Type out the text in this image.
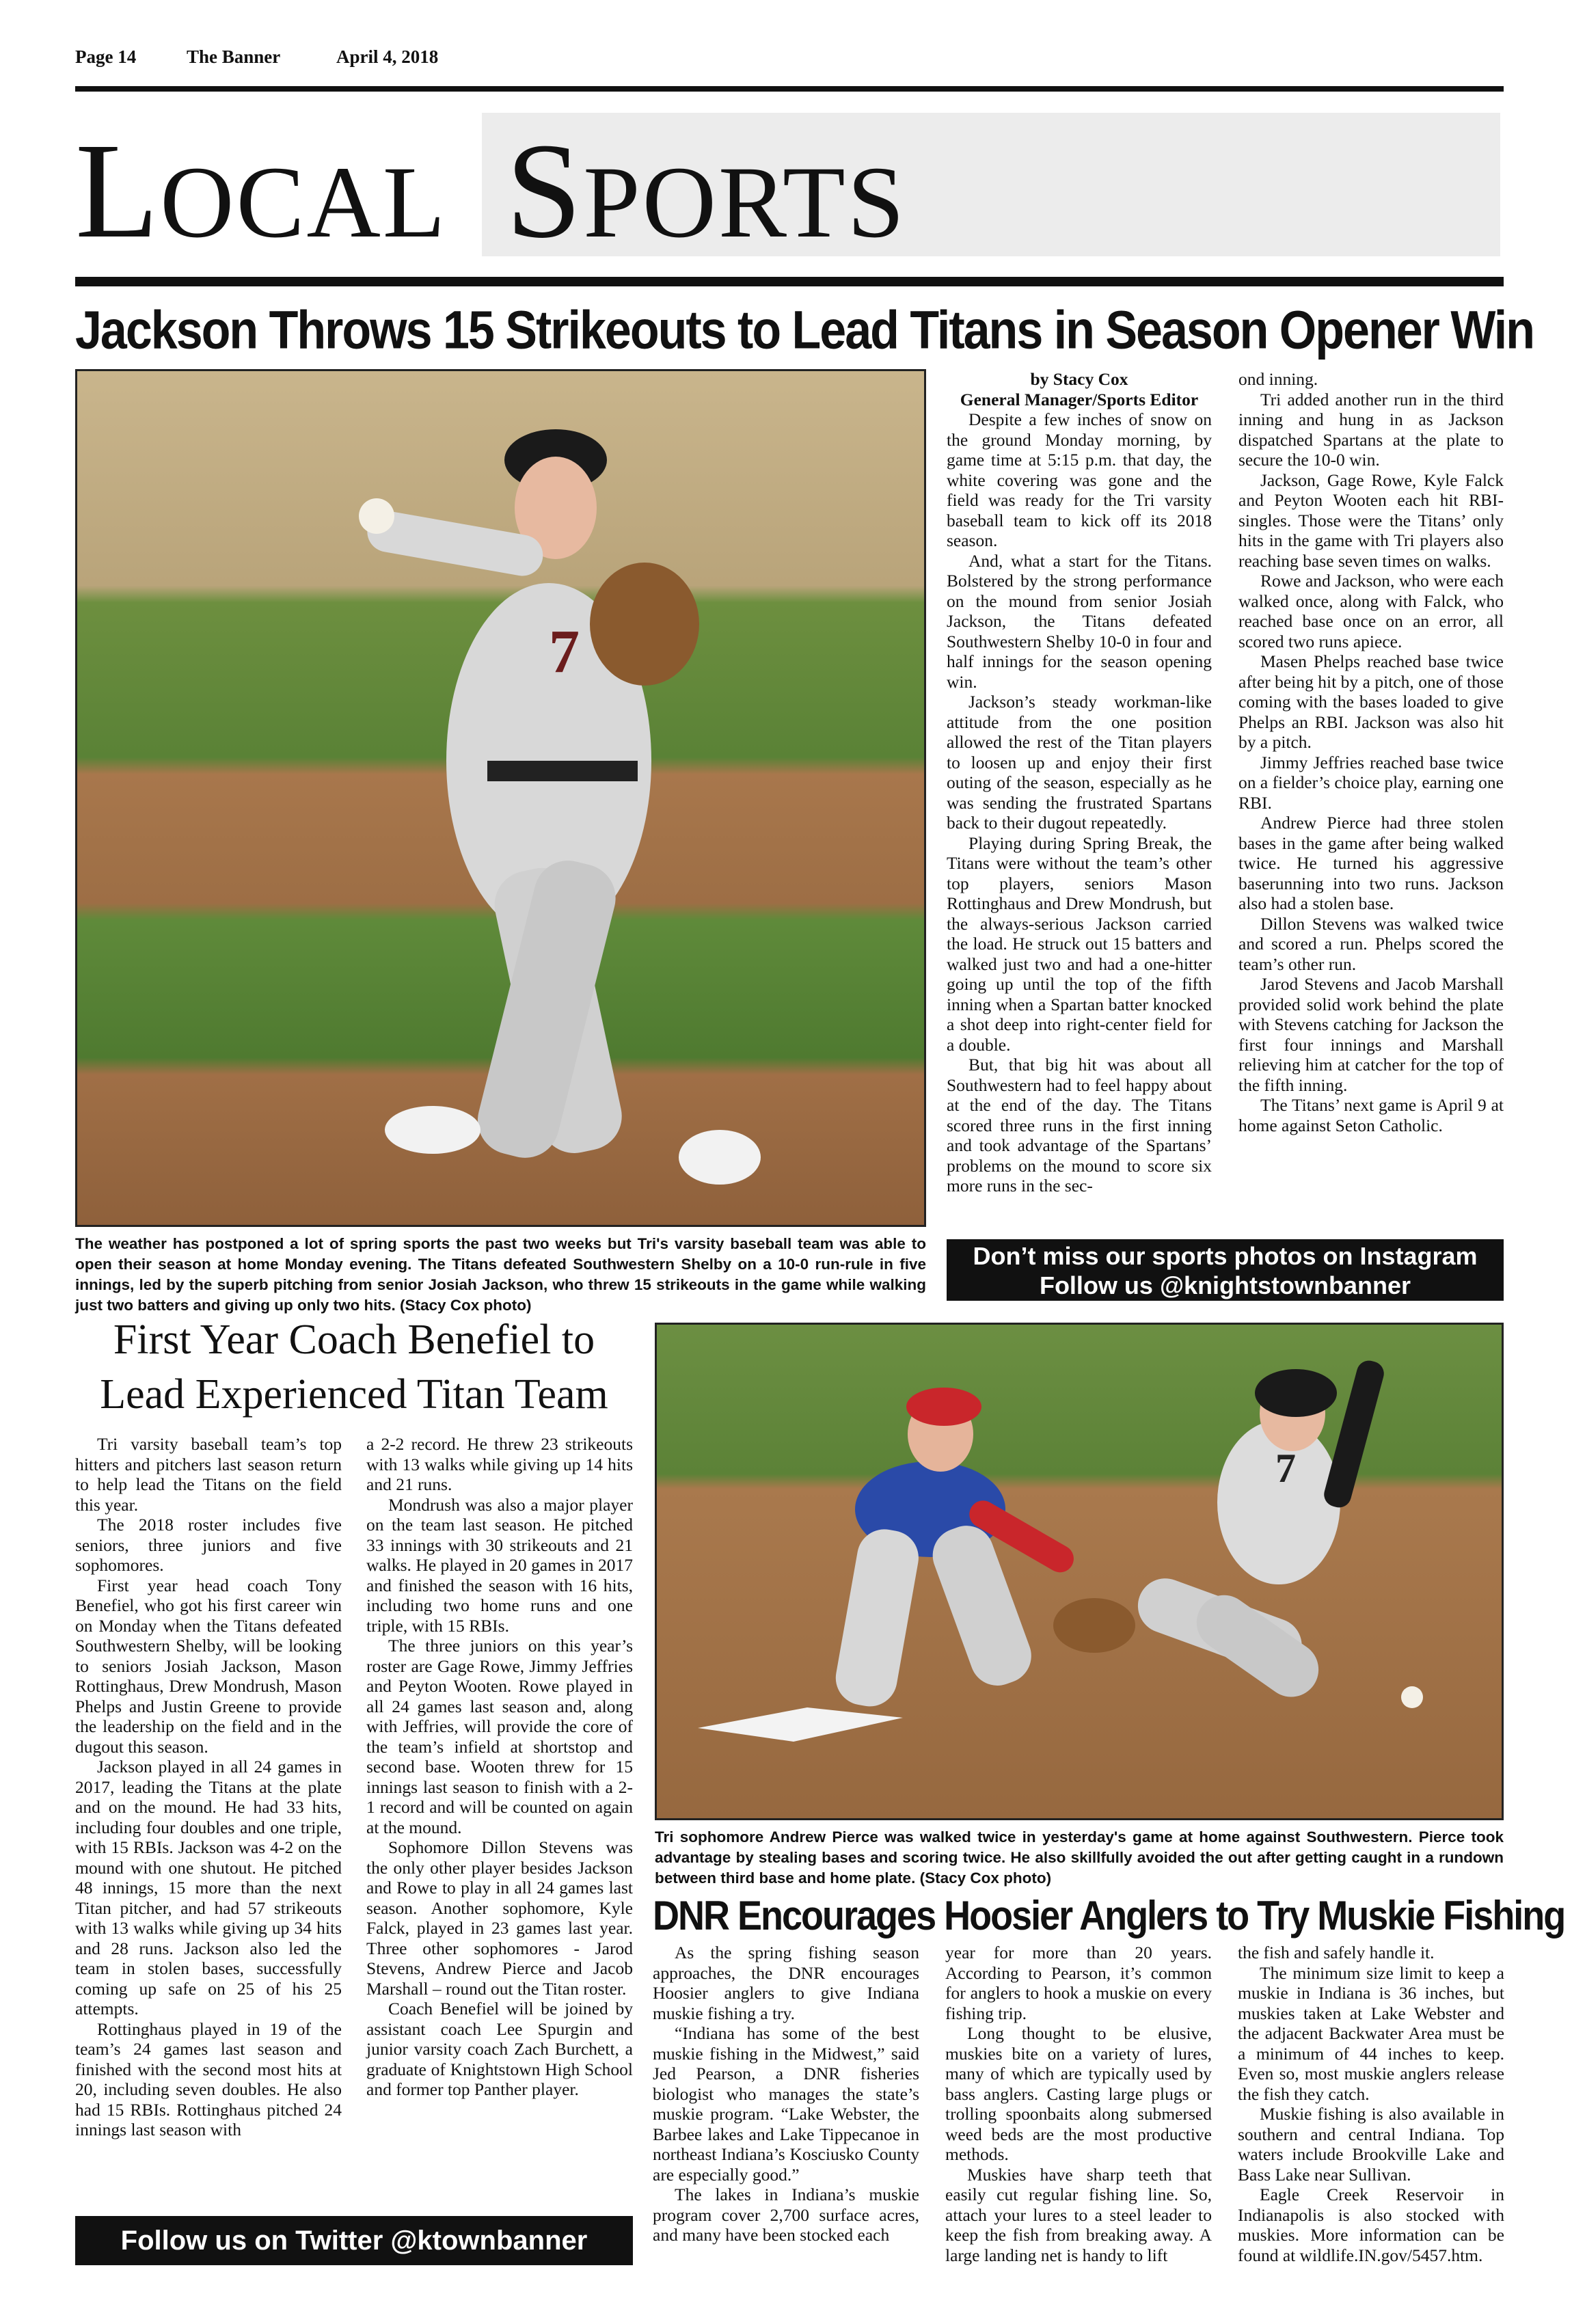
Page 14	The Banner	April 4, 2018
LOCAL SPORTS
Jackson Throws 15 Strikeouts to Lead Titans in Season Opener Win
7
The weather has postponed a lot of spring sports the past two weeks but Tri's varsity baseball team was able to open their season at home Monday evening. The Titans defeated Southwestern Shelby on a 10-0 run-rule in five innings, led by the superb pitching from senior Josiah Jackson, who threw 15 strikeouts in the game while walking just two batters and giving up only two hits. (Stacy Cox photo)
by Stacy Cox
General Manager/Sports Editor

Despite a few inches of snow on the ground Monday morning, by game time at 5:15 p.m. that day, the white covering was gone and the field was ready for the Tri varsity baseball team to kick off its 2018 season.

And, what a start for the Titans. Bolstered by the strong performance on the mound from senior Josiah Jackson, the Titans defeated Southwestern Shelby 10-0 in four and half innings for the season opening win.

Jackson’s steady workman-like attitude from the one position allowed the rest of the Titan players to loosen up and enjoy their first outing of the season, especially as he was sending the frustrated Spartans back to their dugout repeatedly.

Playing during Spring Break, the Titans were without the team’s other top players, seniors Mason Rottinghaus and Drew Mondrush, but the always-serious Jackson carried the load. He struck out 15 batters and walked just two and had a one-hitter going up until the top of the fifth inning when a Spartan batter knocked a shot deep into right-center field for a double.

But, that big hit was about all Southwestern had to feel happy about at the end of the day. The Titans scored three runs in the first inning and took advantage of the Spartans’ problems on the mound to score six more runs in the sec-

ond inning.

Tri added another run in the third inning and hung in as Jackson dispatched Spartans at the plate to secure the 10-0 win.

Jackson, Gage Rowe, Kyle Falck and Peyton Wooten each hit RBI-singles. Those were the Titans’ only hits in the game with Tri players also reaching base seven times on walks.

Rowe and Jackson, who were each walked once, along with Falck, who reached base once on an error, all scored two runs apiece.

Masen Phelps reached base twice after being hit by a pitch, one of those coming with the bases loaded to give Phelps an RBI. Jackson was also hit by a pitch.

Jimmy Jeffries reached base twice on a fielder’s choice play, earning one RBI.

Andrew Pierce had three stolen bases in the game after being walked twice. He turned his aggressive baserunning into two runs. Jackson also had a stolen base.

Dillon Stevens was walked twice and scored a run. Phelps scored the team’s other run.

Jarod Stevens and Jacob Marshall provided solid work behind the plate with Stevens catching for Jackson the first four innings and Marshall relieving him at catcher for the top of the fifth inning.

The Titans’ next game is April 9 at home against Seton Catholic.

Don’t miss our sports photos on Instagram
Follow us @knightstownbanner
First Year Coach Benefiel to
Lead Experienced Titan Team

Tri varsity baseball team’s top hitters and pitchers last season return to help lead the Titans on the field this year.

The 2018 roster includes five seniors, three juniors and five sophomores.

First year head coach Tony Benefiel, who got his first career win on Monday when the Titans defeated Southwestern Shelby, will be looking to seniors Josiah Jackson, Mason Rottinghaus, Drew Mondrush, Mason Phelps and Justin Greene to provide the leadership on the field and in the dugout this season.

Jackson played in all 24 games in 2017, leading the Titans at the plate and on the mound. He had 33 hits, including four doubles and one triple, with 15 RBIs. Jackson was 4-2 on the mound with one shutout. He pitched 48 innings, 15 more than the next Titan pitcher, and had 57 strikeouts with 13 walks while giving up 34 hits and 28 runs. Jackson also led the team in stolen bases, successfully coming up safe on 25 of his 25 attempts.

Rottinghaus played in 19 of the team’s 24 games last season and finished with the second most hits at 20, including seven doubles. He also had 15 RBIs. Rottinghaus pitched 24 innings last season with

a 2-2 record. He threw 23 strikeouts with 13 walks while giving up 14 hits and 21 runs.

Mondrush was also a major player on the team last season. He pitched 33 innings with 30 strikeouts and 21 walks. He played in 20 games in 2017 and finished the season with 16 hits, including two home runs and one triple, with 15 RBIs.

The three juniors on this year’s roster are Gage Rowe, Jimmy Jeffries and Peyton Wooten. Rowe played in all 24 games last season and, along with Jeffries, will provide the core of the team’s infield at shortstop and second base. Wooten threw for 15 innings last season to finish with a 2-1 record and will be counted on again at the mound.

Sophomore Dillon Stevens was the only other player besides Jackson and Rowe to play in all 24 games last season. Another sophomore, Kyle Falck, played in 23 games last year. Three other sophomores - Jarod Stevens, Andrew Pierce and Jacob Marshall – round out the Titan roster.

Coach Benefiel will be joined by assistant coach Lee Spurgin and junior varsity coach Zach Burchett, a graduate of Knightstown High School and former top Panther player.

7
Tri sophomore Andrew Pierce was walked twice in yesterday's game at home against Southwestern. Pierce took advantage by stealing bases and scoring twice. He also skillfully avoided the out after getting caught in a rundown between third base and home plate. (Stacy Cox photo)
DNR Encourages Hoosier Anglers to Try Muskie Fishing

As the spring fishing season approaches, the DNR encourages Hoosier anglers to give Indiana muskie fishing a try.

“Indiana has some of the best muskie fishing in the Midwest,” said Jed Pearson, a DNR fisheries biologist who manages the state’s muskie program. “Lake Webster, the Barbee lakes and Lake Tippecanoe in northeast Indiana’s Kosciusko County are especially good.”

The lakes in Indiana’s muskie program cover 2,700 surface acres, and many have been stocked each

year for more than 20 years. According to Pearson, it’s common for anglers to hook a muskie on every fishing trip.

Long thought to be elusive, muskies bite on a variety of lures, many of which are typically used by bass anglers. Casting large plugs or trolling spoonbaits along submersed weed beds are the most productive methods.

Muskies have sharp teeth that easily cut regular fishing line. So, attach your lures to a steel leader to keep the fish from breaking away. A large landing net is handy to lift

the fish and safely handle it.

The minimum size limit to keep a muskie in Indiana is 36 inches, but muskies taken at Lake Webster and the adjacent Backwater Area must be a minimum of 44 inches to keep. Even so, most muskie anglers release the fish they catch.

Muskie fishing is also available in southern and central Indiana. Top waters include Brookville Lake and Bass Lake near Sullivan.

Eagle Creek Reservoir in Indianapolis is also stocked with muskies. More information can be found at wildlife.IN.gov/5457.htm.

Follow us on Twitter @ktownbanner
